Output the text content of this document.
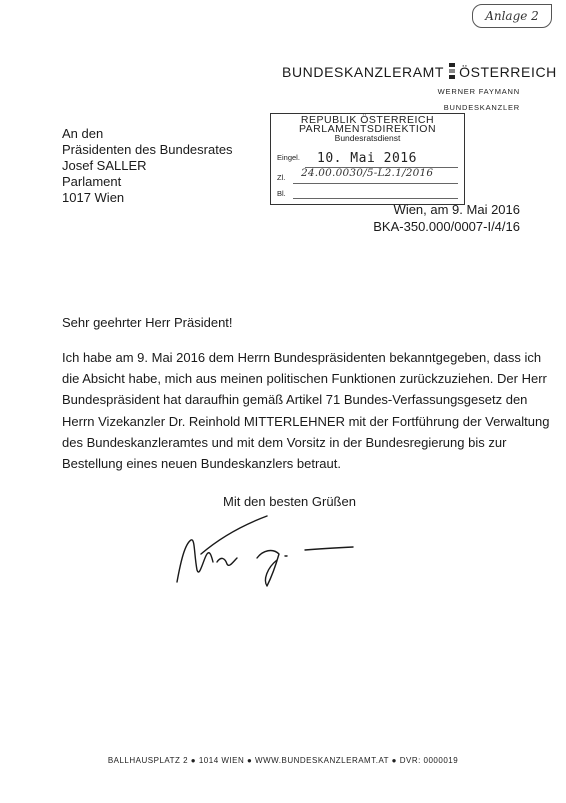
Anlage 2
BUNDESKANZLERAMT ÖSTERREICH
WERNER FAYMANN
BUNDESKANZLER
An den
Präsidenten des Bundesrates
Josef SALLER
Parlament
1017 Wien
REPUBLIK ÖSTERREICH
PARLAMENTSDIREKTION
Bundesratsdienst
Eingel. 10. Mai 2016
Zl. 24.00.0030/5-L2.1/2016
Bl.
Wien, am 9. Mai 2016
BKA-350.000/0007-I/4/16
Sehr geehrter Herr Präsident!
Ich habe am 9. Mai 2016 dem Herrn Bundespräsidenten bekanntgegeben, dass ich
die Absicht habe, mich aus meinen politischen Funktionen zurückzuziehen. Der Herr
Bundespräsident hat daraufhin gemäß Artikel 71 Bundes-Verfassungsgesetz den
Herrn Vizekanzler Dr. Reinhold MITTERLEHNER mit der Fortführung der Verwaltung
des Bundeskanzleramtes und mit dem Vorsitz in der Bundesregierung bis zur
Bestellung eines neuen Bundeskanzlers betraut.
Mit den besten Grüßen
BALLHAUSPLATZ 2 ● 1014 WIEN ● WWW.BUNDESKANZLERAMT.AT ● DVR: 0000019
